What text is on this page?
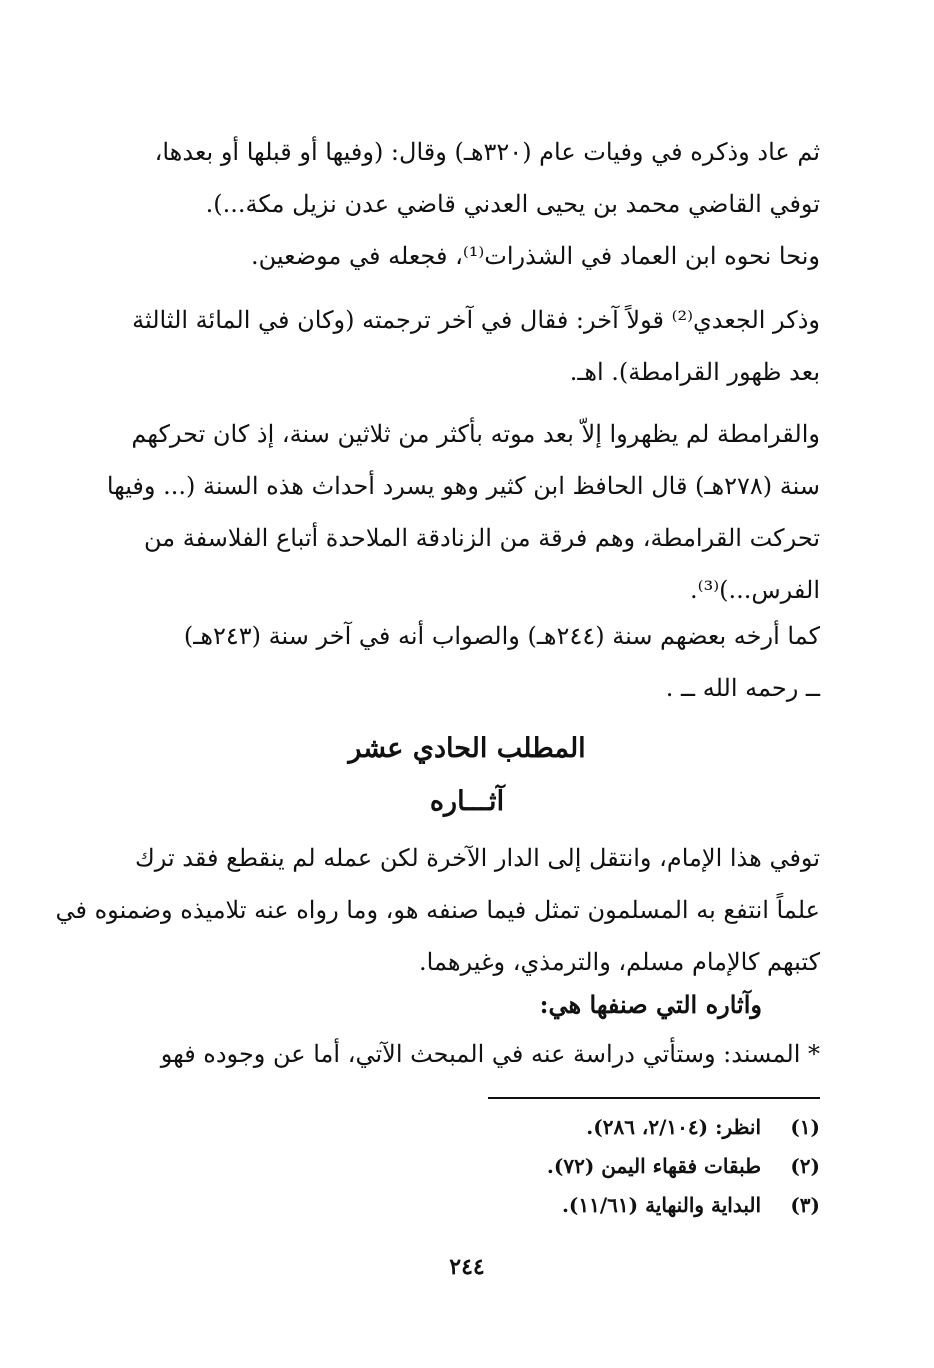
ثم عاد وذكره في وفيات عام (٣٢٠هـ) وقال: (وفيها أو قبلها أو بعدها،
توفي القاضي محمد بن يحيى العدني قاضي عدن نزيل مكة...).
ونحا نحوه ابن العماد في الشذرات⁽¹⁾، فجعله في موضعين.
وذكر الجعدي⁽²⁾ قولاً آخر: فقال في آخر ترجمته (وكان في المائة الثالثة
بعد ظهور القرامطة). اهـ.
والقرامطة لم يظهروا إلاّ بعد موته بأكثر من ثلاثين سنة، إذ كان تحركهم
سنة (٢٧٨هـ) قال الحافظ ابن كثير وهو يسرد أحداث هذه السنة (... وفيها
تحركت القرامطة، وهم فرقة من الزنادقة الملاحدة أتباع الفلاسفة من
الفرس...)⁽³⁾.
كما أرخه بعضهم سنة (٢٤٤هـ) والصواب أنه في آخر سنة (٢٤٣هـ)
ــ رحمه الله ــ .
المطلب الحادي عشر
آثـــاره
توفي هذا الإمام، وانتقل إلى الدار الآخرة لكن عمله لم ينقطع فقد ترك
علماً انتفع به المسلمون تمثل فيما صنفه هو، وما رواه عنه تلاميذه وضمنوه في
كتبهم كالإمام مسلم، والترمذي، وغيرهما.

وآثاره التي صنفها هي:

* المسند: وستأتي دراسة عنه في المبحث الآتي، أما عن وجوده فهو
(١) انظر: (٢/١٠٤، ٢٨٦).
(٢) طبقات فقهاء اليمن (٧٢).
(٣) البداية والنهاية (١١/٦١).
٢٤٤
